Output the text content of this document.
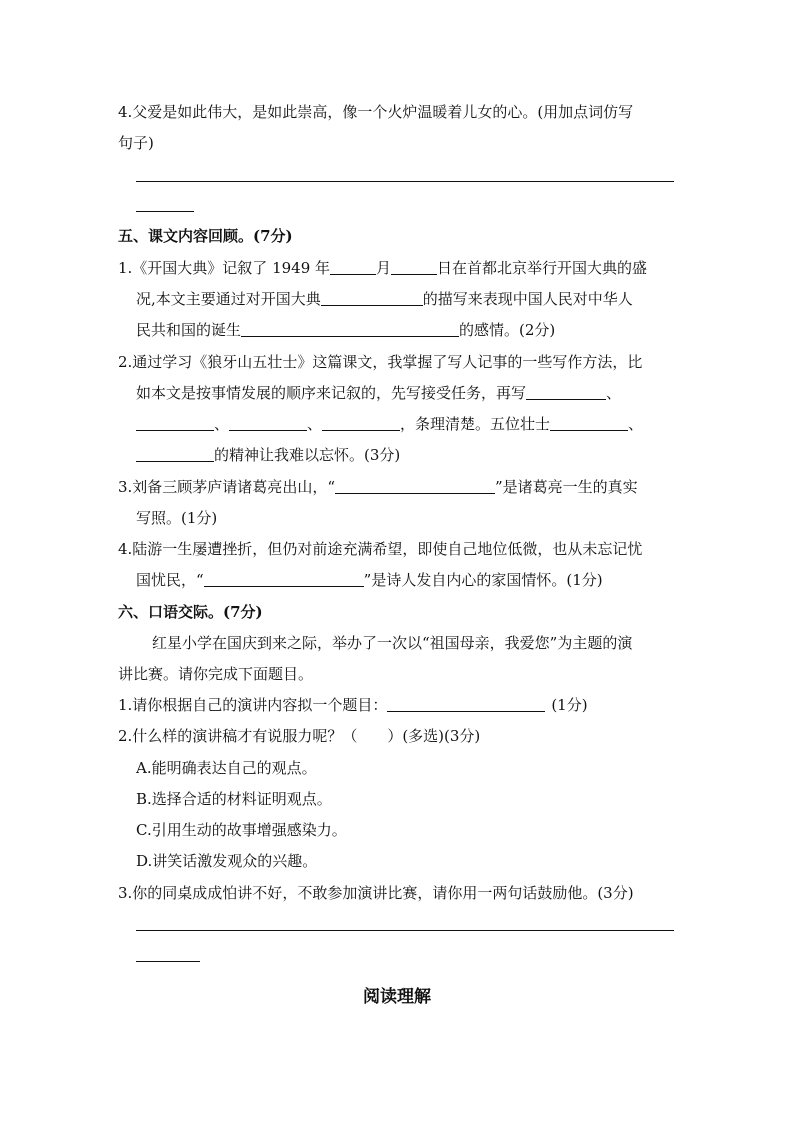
4.父爱是如此伟大，是如此崇高，像一个火炉温暖着儿女的心。(用加点词仿写
句子)
五、课文内容回顾。(7分)
1.《开国大典》记叙了 1949 年	月	日在首都北京举行开国大典的盛
况,本文主要通过对开国大典	的描写来表现中国人民对中华人
民共和国的诞生	的感情。(2分)
2.通过学习《狼牙山五壮士》这篇课文，我掌握了写人记事的一些写作方法，比
如本文是按事情发展的顺序来记叙的，先写接受任务，再写	、
、	、	，条理清楚。五位壮士	、
的精神让我难以忘怀。(3分)
3.刘备三顾茅庐请诸葛亮出山，“	”是诸葛亮一生的真实
写照。(1分)
4.陆游一生屡遭挫折，但仍对前途充满希望，即使自己地位低微，也从未忘记忧
国忧民，“	”是诗人发自内心的家国情怀。(1分)
六、口语交际。(7分)
红星小学在国庆到来之际，举办了一次以“祖国母亲，我爱您”为主题的演
讲比赛。请你完成下面题目。
1.请你根据自己的演讲内容拟一个题目：	(1分)
2.什么样的演讲稿才有说服力呢？（　　）(多选)(3分)
A.能明确表达自己的观点。
B.选择合适的材料证明观点。
C.引用生动的故事增强感染力。
D.讲笑话激发观众的兴趣。
3.你的同桌成成怕讲不好，不敢参加演讲比赛，请你用一两句话鼓励他。(3分)
阅读理解
